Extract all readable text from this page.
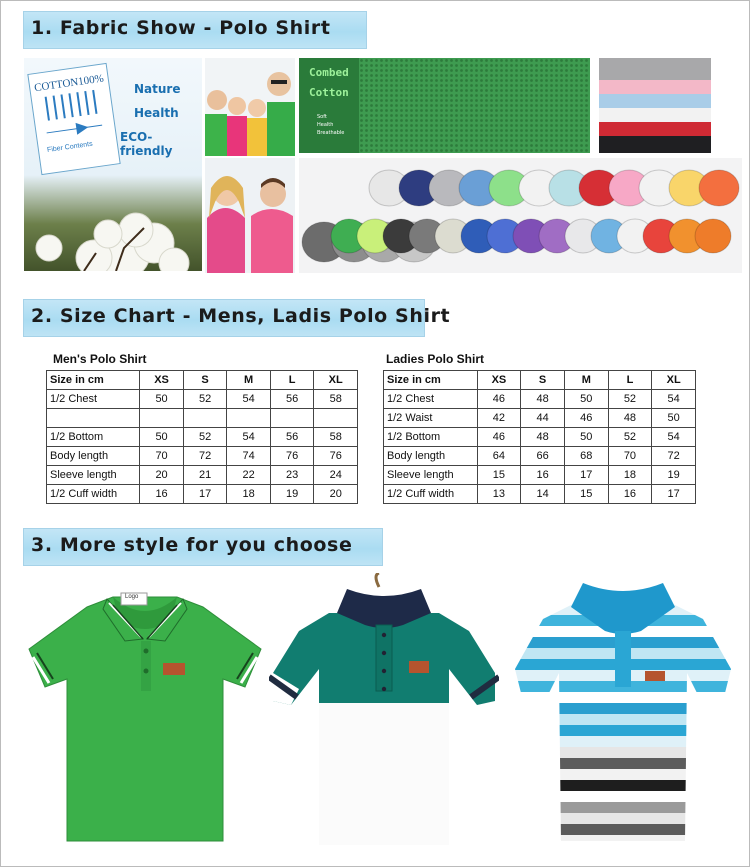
1. Fabric Show - Polo Shirt
COTTON100%
Fiber Contents
Nature
Health
ECO-friendly
Combed
Cotton
Soft
Health
Breathable
2. Size Chart - Mens, Ladis Polo Shirt
Men's Polo Shirt
Size in cm	XS	S	M	L	XL
1/2 Chest	50	52	54	56	58

1/2 Bottom	50	52	54	56	58
Body length	70	72	74	76	76
Sleeve length	20	21	22	23	24
1/2 Cuff width	16	17	18	19	20
Ladies Polo Shirt
Size in cm	XS	S	M	L	XL
1/2 Chest	46	48	50	52	54
1/2 Waist	42	44	46	48	50
1/2 Bottom	46	48	50	52	54
Body length	64	66	68	70	72
Sleeve length	15	16	17	18	19
1/2 Cuff width	13	14	15	16	17
3. More style for you choose
Logo
